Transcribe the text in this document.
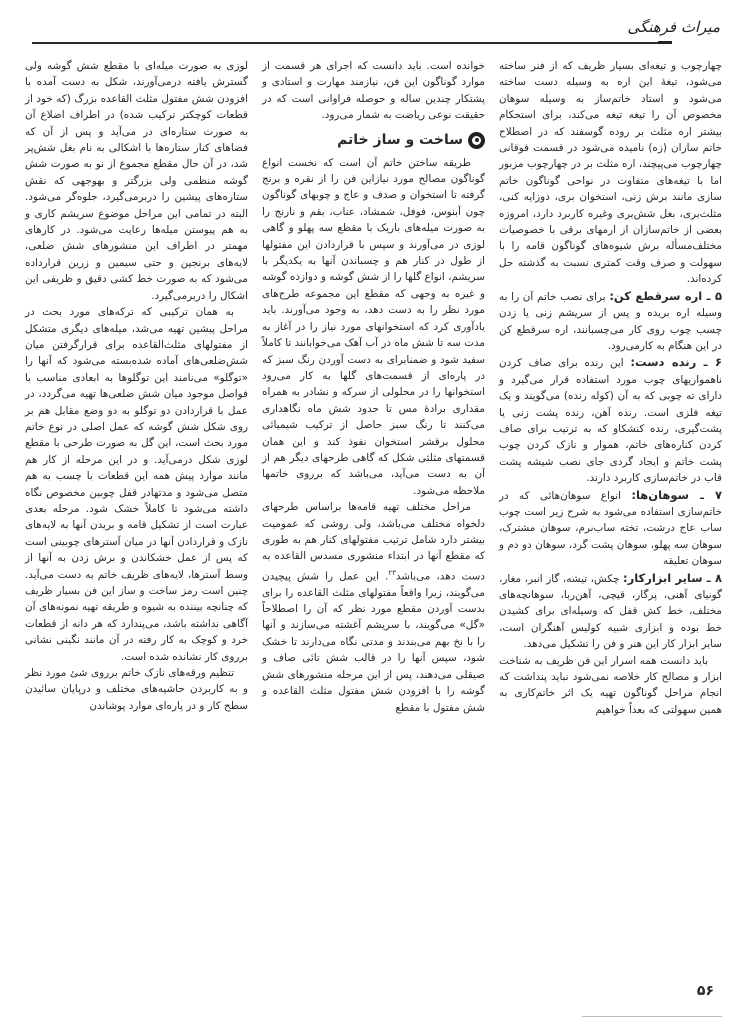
میراث فرهنگی

چهارچوب و تیغه‌ای بسیار ظریف که از فنر ساخته می‌شود، تیغهٔ این اره به وسیله دست ساخته می‌شود و استاد خاتم‌ساز به وسیله سوهان مخصوص آن را تیغه تیغه می‌کند، برای استحکام بیشتر اره مثلث بر روده گوسفند که در اصطلاح خاتم سازان (زه) نامیده می‌شود در قسمت فوقانی چهارچوب می‌پیچند، اره مثلث بر در چهارچوب مزبور اما با تیغه‌های متفاوت در نواحی گوناگون خاتم سازی مانند برش زنی، استخوان بری، دوزایه کنی، مثلث‌بری، بغل شش‌بری وغیره کاربرد دارد، امروزه بعضی از خاتم‌سازان از ارمهای برقی با خصوصیات مختلف‌مسأله برش شیوه‌های گوناگون قامه را با سهولت و صرف وقت کمتری نسبت به گذشته حل کرده‌اند.

۵ ـ اره سرقطع کن: برای نصب خاتم آن را به وسیله اره بریده و پس از سریشم زنی یا زدن چسب چوب روی کار می‌چسبانند، اره سرقطع کن در این هنگام به کارمی‌رود.

۶ ـ رنده دست: این رنده برای صاف کردن ناهمواریهای چوب مورد استفاده قرار می‌گیرد و دارای ته چوبی که به آن (کوله رنده) می‌گویند و یک تیغه فلزی است. رنده آهن، رنده پشت زنی یا پشت‌گیری، رنده کنشکاو که به ترتیب برای صاف کردن کناره‌های خاتم، هموار و نازک کردن چوب پشت خاتم و ایجاد گردی جای نصب شیشه پشت قاب در خاتم‌سازی کاربرد دارند.

۷ ـ سوهان‌ها: انواع سوهان‌هائی که در خاتم‌سازی استفاده می‌شود به شرح زیر است چوب ساب عاج درشت، تخته ساب‌نرم، سوهان مشترک، سوهان سه پهلو، سوهان پشت گرد، سوهان دو دم و سوهان تعلیقه

۸ ـ سایر ابزارکار: چکش، تیشه، گاز انبر، مغار، گونیای آهنی، پرگار، قیچی، آهن‌ربا، سوهانچه‌های مختلف، خط کش قفل که وسیله‌ای برای کشیدن خط بوده و ابزاری شبیه کولیس آهنگران است، سایر ابزار کار این هنر و فن را تشکیل می‌دهد.

باید دانست همه اسرار این فن ظریف به شناخت ابزار و مصالح کار خلاصه نمی‌شود نباید پنداشت که انجام مراحل گوناگون تهیه یک اثر خاتم‌کاری به همین سهولتی که بعداً خواهیم

خوانده است. باید دانست که اجرای هر قسمت از موارد گوناگون این فن، نیازمند مهارت و استادی و پشتکار چندین ساله و حوصله فراوانی است که در حقیقت نوعی ریاضت به شمار می‌رود.

ساخت و ساز خاتم

طریقه ساختن خاتم آن است که نخست انواع گوناگون مصالح مورد نیازاین فن را از نقره و برنج گرفته تا استخوان و صدف و عاج و چوبهای گوناگون چون آبنوس، فوفل، شمشاد، عناب، بقم و نارنج را به صورت میله‌های باریک با مقطع سه پهلو و گاهی لوزی در می‌آورند و سپس با قراردادن این مفتولها از طول در کنار هم و چسباندن آنها به یکدیگر با سریشم، انواع گلها را از شش گوشه و دوازده گوشه و غیره به وجهی که مقطع این مجموعه طرح‌های مورد نظر را به دست دهد، به وجود می‌آورند. باید یادآوری کرد که استخوانهای مورد نیاز را در آغاز به مدت سه تا شش ماه در آب آهک می‌خوابانند تا کاملاً سفید شود و ضمنابرای به دست آوردن رنگ سبز که در پاره‌ای از قسمت‌های گلها به کار می‌رود استخوانها را در محلولی از سرکه و نشادر به همراه مقداری برادهٔ مس تا حدود شش ماه نگاهداری می‌کنند تا رنگ سبز حاصل از ترکیب شیمیائی محلول برقشر استخوان نفوذ کند و این همان قسمتهای مثلثی شکل که گاهی طرحهای دیگر هم از آن به دست می‌آید، می‌باشد که برروی خاتمها ملاحظه می‌شود.

مراحل مختلف تهیه قامه‌ها براساس طرحهای دلخواه مختلف می‌باشد، ولی روشی که عمومیت بیشتر دارد شامل ترتیب مفتولهای کنار هم به طوری که مقطع آنها در ابتداء منشوری مسدس القاعده به دست دهد، می‌باشد$^{۲۳}$. این عمل را شش پیچیدن می‌گویند، زیرا واقعاً مفتولهای مثلث القاعده را برای بدست آوردن مقطع مورد نظر که آن را اصطلاحاً «گل» می‌گویند، با سریشم آغشته می‌سازند و آنها را با نخ بهم می‌بندند و مدتی نگاه می‌دارند تا خشک شود، سپس آنها را در قالب شش تائی صاف و صیقلی می‌دهند، پس از این مرحله منشورهای شش گوشه را با افزودن شش مفتول مثلث القاعده و شش مفتول با مقطع

لوزی به صورت میله‌ای با مقطع شش گوشه ولی گسترش یافته درمی‌آورند، شکل به دست آمده با افزودن شش مفتول مثلث القاعده بزرگ (که خود از قطعات کوچکتر ترکیب شده) در اطراف اضلاع آن به صورت ستاره‌ای در می‌آید و پس از آن که فضاهای کنار ستاره‌ها با اشکالی به نام بغل شش‌پر شد، در آن حال مقطع مجموع از نو به صورت شش گوشه منظمی ولی بزرگتر و بهوجهی که نقش ستاره‌های پیشین را دربرمی‌گیرد، جلوه‌گر می‌شود. البته در تمامی این مراحل موضوع سریشم کاری و به هم پیوستن میله‌ها رعایت می‌شود. در کارهای مهمتر در اطراف این منشورهای شش ضلعی، لایه‌های برنجین و حتی سیمین و زرین قرارداده می‌شود که به صورت خط کشی دقیق و ظریفی این اشکال را دربرمی‌گیرد.

به همان ترکیبی که ترکه‌های مورد بحث در مراحل پیشین تهیه می‌شد، میله‌های دیگری متشکل از مفتولهای مثلث‌القاعده برای قرارگرفتن میان شش‌ضلعی‌های آماده شده‌بسته می‌شود که آنها را «توگلو» می‌نامند این توگلوها به ابعادی مناسب با فواصل موجود میان شش ضلعی‌ها تهیه می‌گردد، در عمل با قراردادن دو توگلو به دو وضع مقابل هم بر روی شکل شش گوشه که عمل اصلی در نوع خاتم مورد بحث است، این گل به صورت طرحی با مقطع لوزی شکل درمی‌آید. و در این مرحله از کار هم مانند موارد پیش همه این قطعات با چسب به هم متصل می‌شود و مدتهادر قفل چوبین مخصوص نگاه داشته می‌شود تا کاملاً خشک شود. مرحله بعدی عبارت است از تشکیل قامه و بریدن آنها به لایه‌های نازک و قراردادن آنها در میان آسترهای چوبینی است که پس از عمل خشکاندن و برش زدن به آنها از وسط آسترها، لایه‌های ظریف خاتم به دست می‌آید. چنین است رمز ساخت و ساز این فن بسیار ظریف که چنانچه بیننده به شیوه و طریقه تهیه نمونه‌های آن آگاهی نداشته باشد، می‌پندارد که هر دانه از قطعات خرد و کوچک به کار رفته در آن مانند نگینی نشانی برروی کار نشانده شده است.

تنظیم ورقه‌های نازک خاتم برروی شئ مورد نظر و به کاربردن حاشیه‌های مختلف و درپایان سائیدن سطح کار و در پاره‌ای موارد پوشاندن

۵۶
